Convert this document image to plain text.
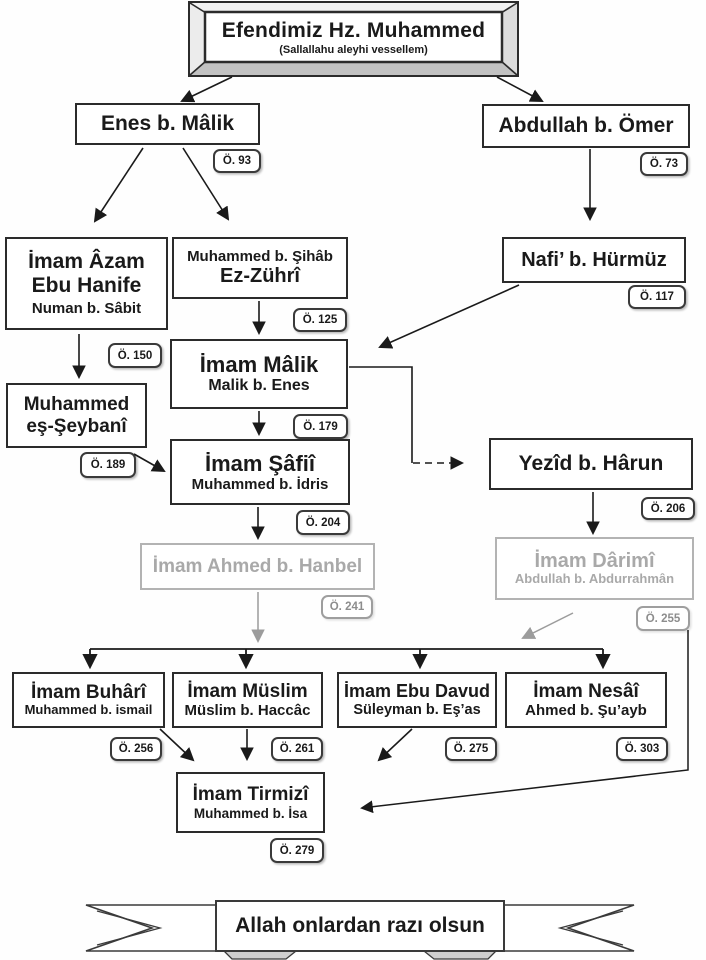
Efendimiz Hz. Muhammed
(Sallallahu aleyhi vessellem)
Enes b. Mâlik
Ö. 93
Abdullah b. Ömer
Ö. 73
İmam Âzam
Ebu Hanife
Numan b. Sâbit
Ö. 150
Muhammed b. Şihâb
Ez-Zührî
Ö. 125
Nafi’ b. Hürmüz
Ö. 117
İmam Mâlik
Malik b. Enes
Ö. 179
Muhammed
eş-Şeybanî
Ö. 189	İmam Şâfiî
Muhammed b. İdris
Ö. 204
Yezîd b. Hârun
Ö. 206
İmam Ahmed b. Hanbel
Ö. 241
İmam Dârimî
Abdullah b. Abdurrahmân
Ö. 255
İmam Buhârî
Muhammed b. ismail
Ö. 256
İmam Müslim
Müslim b. Haccâc
Ö. 261
İmam Ebu Davud
Süleyman b. Eş’as
Ö. 275
İmam Nesâî
Ahmed b. Şu’ayb
Ö. 303
İmam Tirmizî
Muhammed b. İsa
Ö. 279
Allah onlardan razı olsun
